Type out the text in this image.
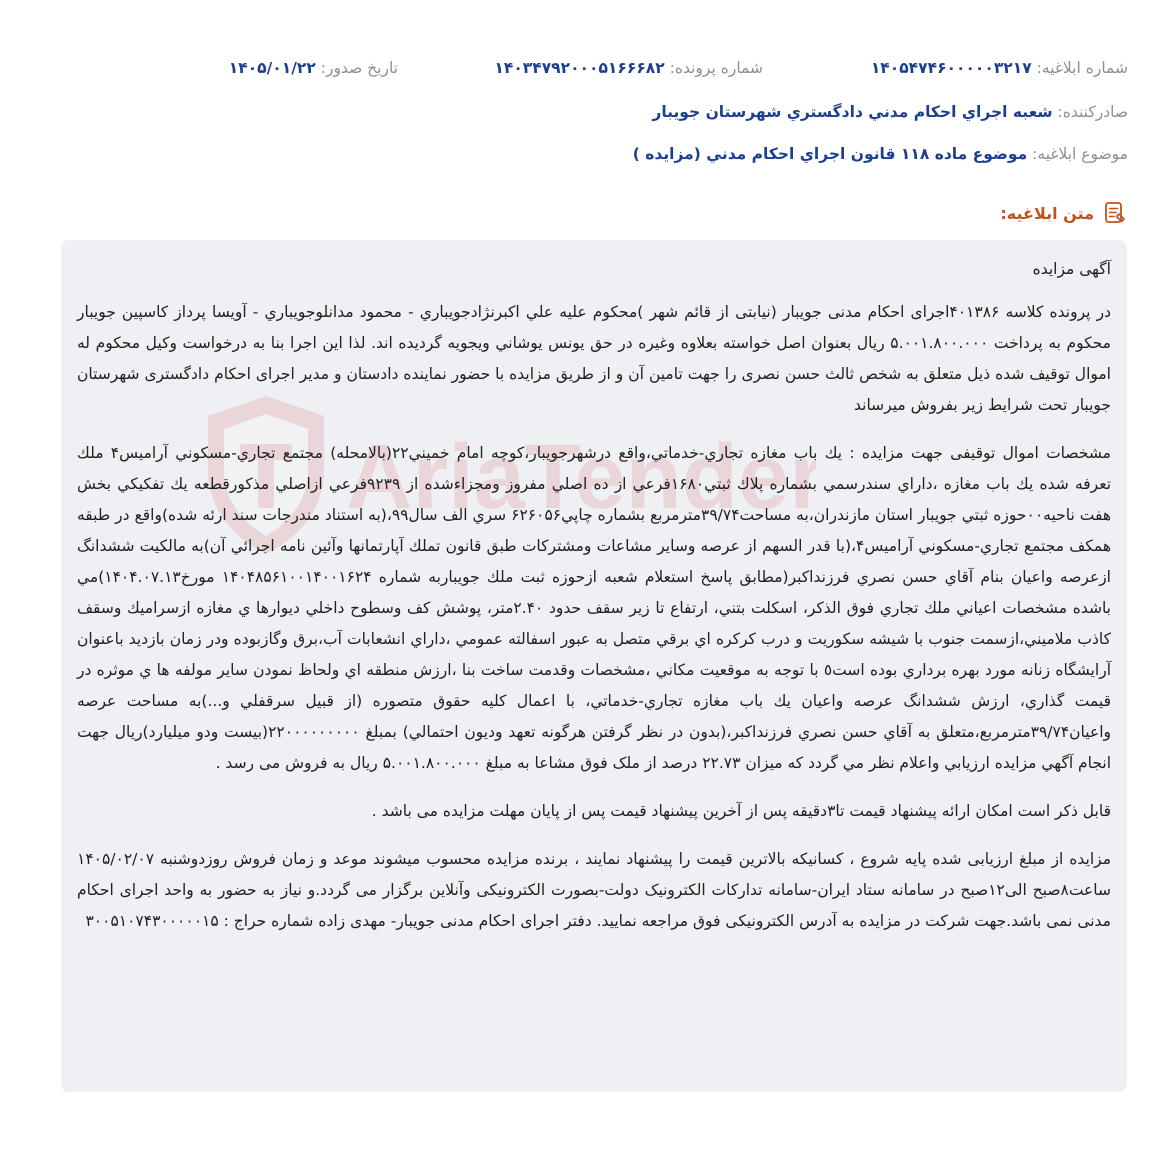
شماره ابلاغیه: ۱۴۰۵۴۷۴۶۰۰۰۰۰۳۲۱۷
شماره پرونده: ۱۴۰۳۴۷۹۲۰۰۰۵۱۶۶۶۸۲
تاریخ صدور: ۱۴۰۵/۰۱/۲۲
صادرکننده: شعبه اجراي احکام مدني دادگستري شهرستان جويبار
موضوع ابلاغیه: موضوع ماده ۱۱۸ قانون اجراي احکام مدني (مزايده )
متن ابلاغیه:
AriaTender

آگهی مزایده

در پرونده کلاسه ۴۰۱۳۸۶اجرای احکام مدنی جویبار (نیابتی از قائم شهر )محکوم علیه علي اکبرنژادجويباري - محمود مدانلوجويباري - آويسا پرداز کاسپين جويبار محکوم به پرداخت ۵.۰۰۱.۸۰۰.۰۰۰ ریال بعنوان اصل خواسته بعلاوه وغیره در حق یونس یوشاني ویجویه گردیده اند. لذا این اجرا بنا به درخواست وکیل محکوم له اموال توقیف شده ذیل متعلق به شخص ثالث حسن نصری را جهت تامین آن و از طریق مزایده با حضور نماینده دادستان و مدیر اجرای احکام دادگستری شهرستان جویبار تحت شرایط زیر بفروش میرساند

مشخصات اموال توقیفی جهت مزایده : يك باب مغازه تجاري-خدماتي،واقع درشهرجويبار،كوچه امام خميني۲۲(بالامحله) مجتمع تجاري-مسكوني آراميس۴ ملك تعرفه شده يك باب مغازه ،داراي سندرسمي بشماره پلاك ثبتي۱۶۸۰فرعي از ده اصلي مفروز ومجزاءشده از ۹۲۳۹فرعي ازاصلي مذكورقطعه يك تفكيكي بخش هفت ناحيه۰۰حوزه ثبتي جويبار استان مازندران،به مساحت۳۹/۷۴مترمربع بشماره چاپي۶۲۶۰۵۶ سري الف سال۹۹،(به استناد مندرجات سند ارئه شده)واقع در طبقه همكف مجتمع تجاري-مسكوني آراميس۴،(با قدر السهم از عرصه وساير مشاعات ومشتركات طبق قانون تملك آپارتمانها وآئين نامه اجرائي آن)به مالكيت ششدانگ ازعرصه واعيان بنام آقاي حسن نصري فرزنداكبر(مطابق پاسخ استعلام شعبه ازحوزه ثبت ملك جويباربه شماره ۱۴۰۴۸۵۶۱۰۰۱۴۰۰۱۶۲۴ مورخ۱۴۰۴.۰۷.۱۳)مي باشده مشخصات اعياني ملك تجاري فوق الذكر، اسكلت بتني، ارتفاع تا زير سقف حدود ۲.۴۰متر، پوشش كف وسطوح داخلي ديوارها ي مغازه ازسراميك وسقف كاذب ملاميني،ازسمت جنوب با شيشه سكوريت و درب كركره اي برقي متصل به عبور اسفالته عمومي ،داراي انشعابات آب،برق وگازبوده ودر زمان بازديد باعنوان آرايشگاه زنانه مورد بهره برداري بوده است٥ با توجه به موقعيت مكاني ،مشخصات وقدمت ساخت بنا ،ارزش منطقه اي ولحاظ نمودن ساير مولفه ها ي موثره در قيمت گذاري، ارزش ششدانگ عرصه واعيان يك باب مغازه تجاري-خدماتي، با اعمال كليه حقوق متصوره (از قبيل سرقفلي و...)به مساحت عرصه واعيان۳۹/۷۴مترمربع،متعلق به آقاي حسن نصري فرزنداكبر،(بدون در نظر گرفتن هرگونه تعهد وديون احتمالي) بمبلغ ۲۲۰۰۰۰۰۰۰۰۰(بيست ودو ميليارد)ريال جهت انجام آگهي مزايده ارزيابي واعلام نظر مي گردد که میزان ۲۲.۷۳ درصد از ملک فوق مشاعا به مبلغ ۵.۰۰۱.۸۰۰.۰۰۰ ریال به فروش می رسد .

قابل ذکر است امکان ارائه پیشنهاد قیمت تا۳دقیقه پس از آخرین پیشنهاد قیمت پس از پایان مهلت مزایده می باشد .

مزایده از مبلغ ارزیابی شده پایه شروع ، کسانیکه بالاترین قیمت را پیشنهاد نمایند ، برنده مزایده محسوب میشوند موعد و زمان فروش روزدوشنبه ۱۴۰۵/۰۲/۰۷ ساعت۸صبح الی۱۲صبح در سامانه ستاد ایران-سامانه تدارکات الکترونیک دولت-بصورت الکترونیکی وآنلاین برگزار می گردد.و نیاز به حضور به واحد اجرای احکام مدنی نمی باشد.جهت شرکت در مزایده به آدرس الکترونیکی فوق مراجعه نمایید. دفتر اجرای احکام مدنی جویبار- مهدی زاده شماره حراج : ۳۰۰۵۱۰۷۴۳۰۰۰۰۰۱۵
